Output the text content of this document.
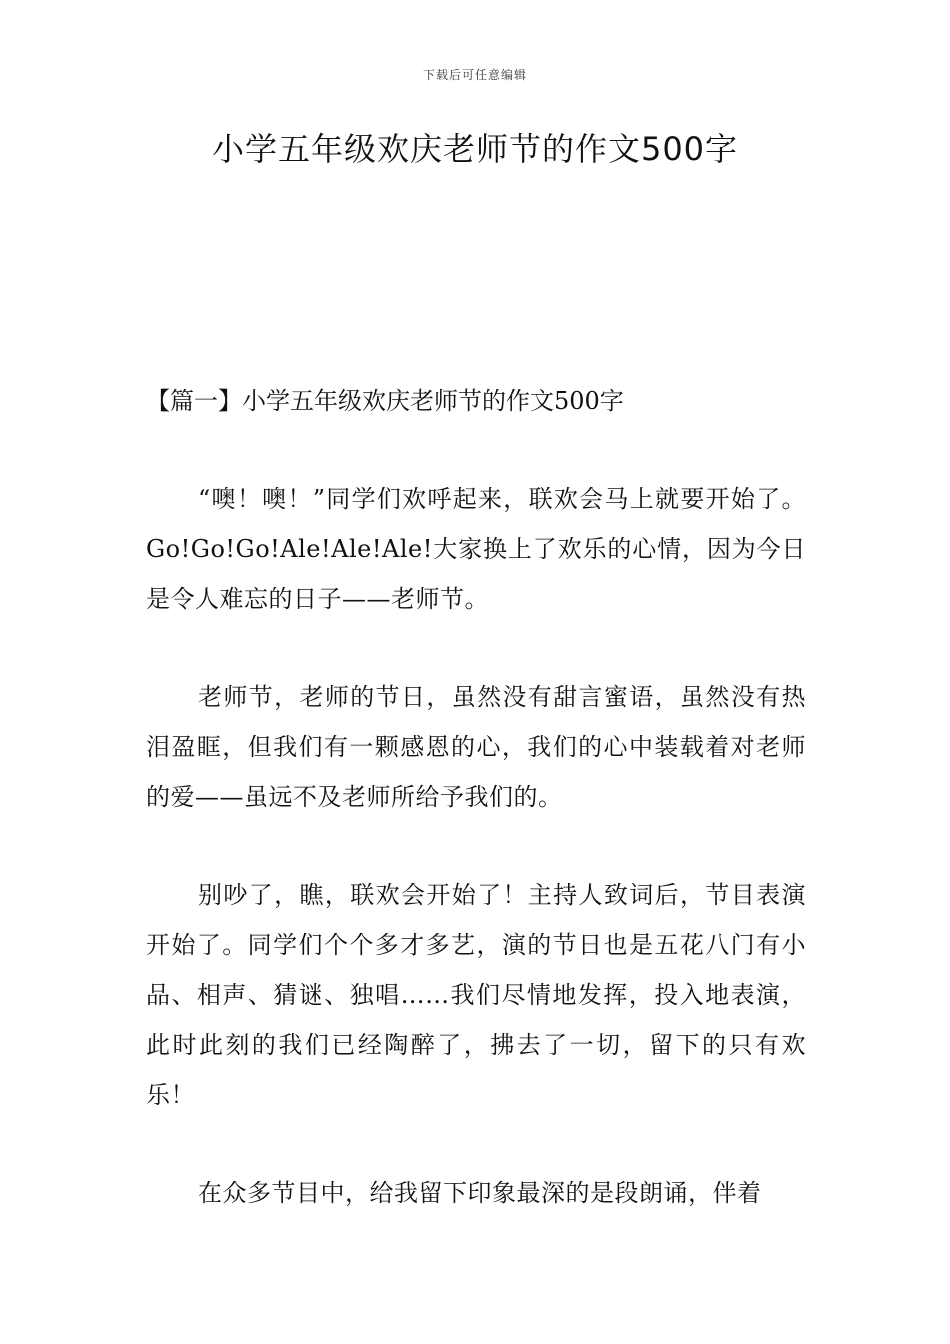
下载后可任意编辑
小学五年级欢庆老师节的作文500字
【篇一】小学五年级欢庆老师节的作文500字

“噢！噢！”同学们欢呼起来，联欢会马上就要开始了。Go!Go!Go!Ale!Ale!Ale!大家换上了欢乐的心情，因为今日是令人难忘的日子——老师节。

老师节，老师的节日，虽然没有甜言蜜语，虽然没有热泪盈眶，但我们有一颗感恩的心，我们的心中装载着对老师的爱——虽远不及老师所给予我们的。

别吵了，瞧，联欢会开始了！主持人致词后，节目表演开始了。同学们个个多才多艺，演的节日也是五花八门有小品、相声、猜谜、独唱……我们尽情地发挥，投入地表演，此时此刻的我们已经陶醉了，拂去了一切，留下的只有欢乐！

在众多节目中，给我留下印象最深的是段朗诵，伴着
